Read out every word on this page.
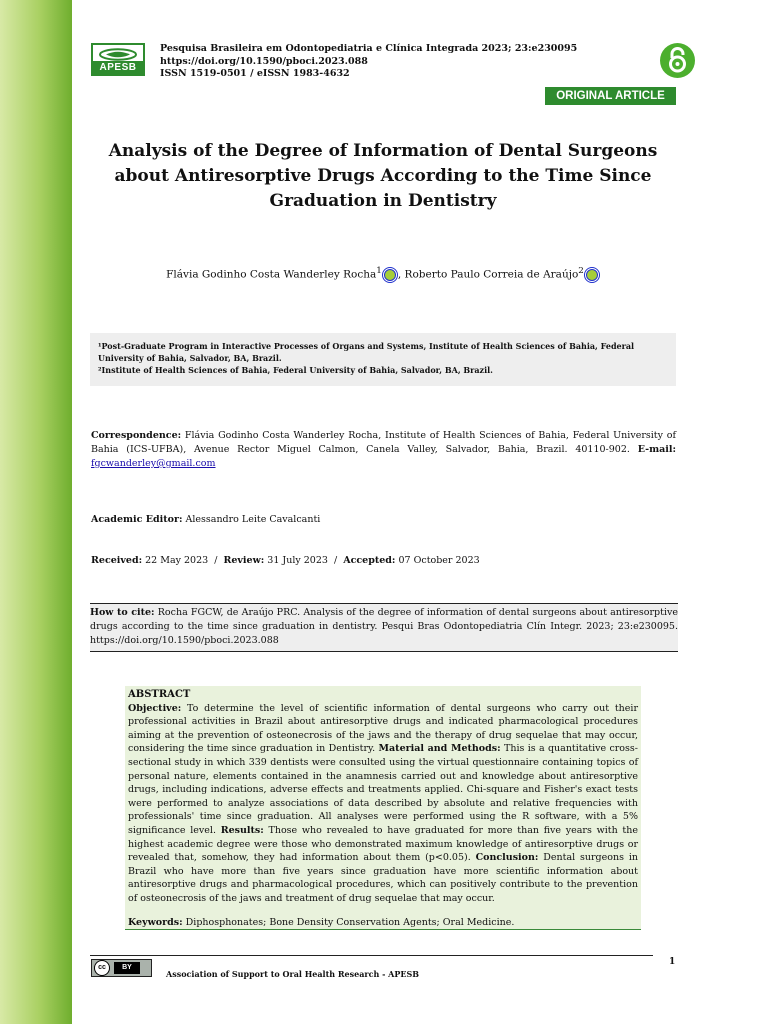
APESB
Pesquisa Brasileira em Odontopediatria e Clínica Integrada 2023; 23:e230095
https://doi.org/10.1590/pboci.2023.088
ISSN 1519-0501 / eISSN 1983-4632
ORIGINAL ARTICLE
Analysis of the Degree of Information of Dental Surgeons about Antiresorptive Drugs According to the Time Since Graduation in Dentistry
Flávia Godinho Costa Wanderley Rocha$^1$ , Roberto Paulo Correia de Araújo$^2$
¹Post-Graduate Program in Interactive Processes of Organs and Systems, Institute of Health Sciences of Bahia, Federal University of Bahia, Salvador, BA, Brazil.
²Institute of Health Sciences of Bahia, Federal University of Bahia, Salvador, BA, Brazil.
Correspondence: Flávia Godinho Costa Wanderley Rocha, Institute of Health Sciences of Bahia, Federal University of Bahia (ICS-UFBA), Avenue Rector Miguel Calmon, Canela Valley, Salvador, Bahia, Brazil. 40110-902. E-mail: fgcwanderley@gmail.com
Academic Editor: Alessandro Leite Cavalcanti
Received: 22 May 2023  /  Review: 31 July 2023  /  Accepted: 07 October 2023
How to cite: Rocha FGCW, de Araújo PRC. Analysis of the degree of information of dental surgeons about antiresorptive drugs according to the time since graduation in dentistry. Pesqui Bras Odontopediatria Clín Integr. 2023; 23:e230095. https://doi.org/10.1590/pboci.2023.088
ABSTRACT
Objective: To determine the level of scientific information of dental surgeons who carry out their professional activities in Brazil about antiresorptive drugs and indicated pharmacological procedures aiming at the prevention of osteonecrosis of the jaws and the therapy of drug sequelae that may occur, considering the time since graduation in Dentistry. Material and Methods: This is a quantitative cross-sectional study in which 339 dentists were consulted using the virtual questionnaire containing topics of personal nature, elements contained in the anamnesis carried out and knowledge about antiresorptive drugs, including indications, adverse effects and treatments applied. Chi-square and Fisher's exact tests were performed to analyze associations of data described by absolute and relative frequencies with professionals' time since graduation. All analyses were performed using the R software, with a 5% significance level. Results: Those who revealed to have graduated for more than five years with the highest academic degree were those who demonstrated maximum knowledge of antiresorptive drugs or revealed that, somehow, they had information about them (p<0.05). Conclusion: Dental surgeons in Brazil who have more than five years since graduation have more scientific information about antiresorptive drugs and pharmacological procedures, which can positively contribute to the prevention of osteonecrosis of the jaws and treatment of drug sequelae that may occur.
Keywords: Diphosphonates; Bone Density Conservation Agents; Oral Medicine.
cc	BY
Association of Support to Oral Health Research - APESB
1
